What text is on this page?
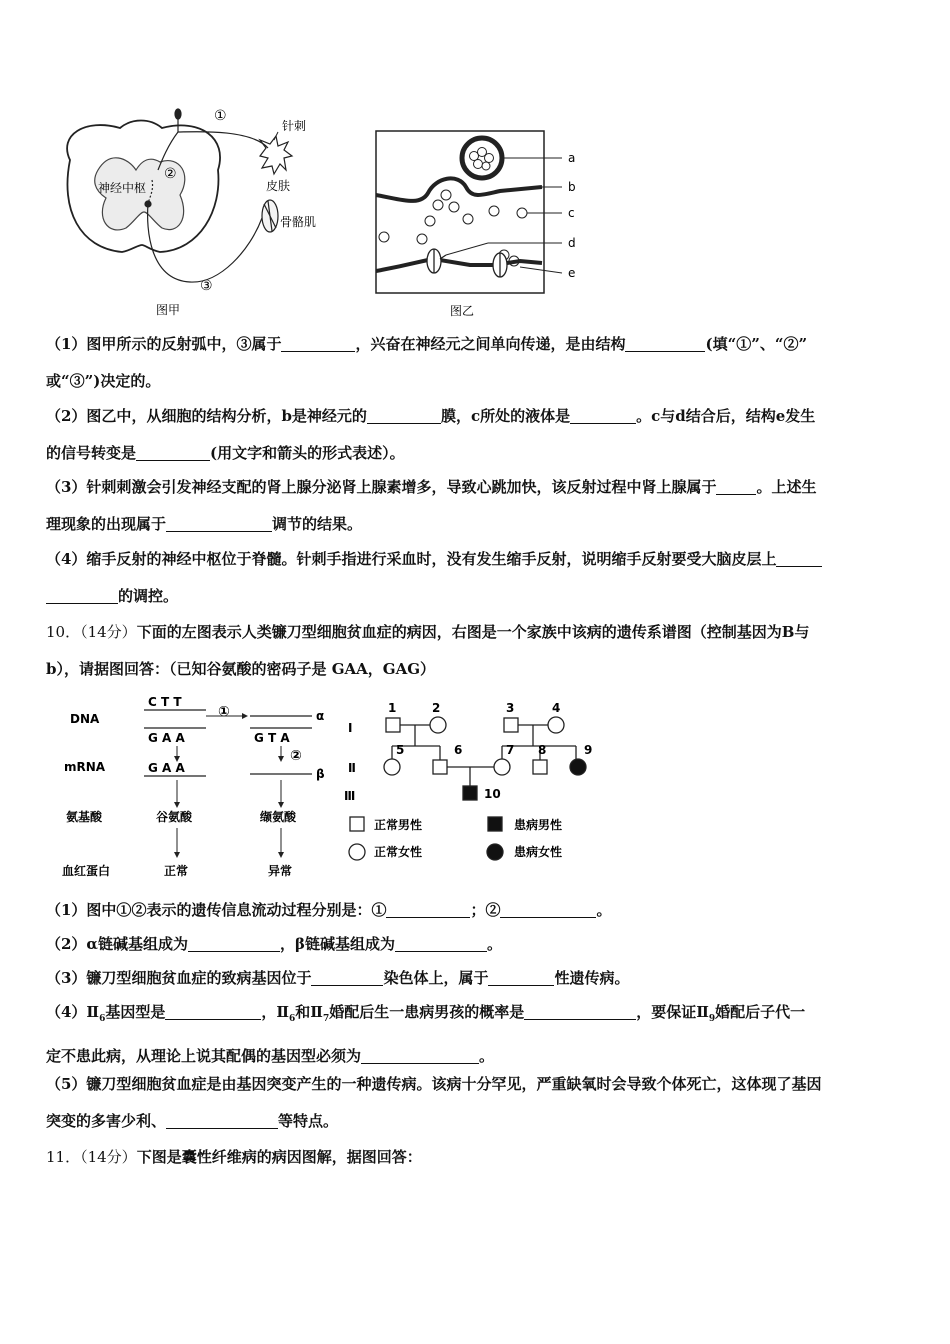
神经中枢
①
②
③
针刺
皮肤
骨骼肌
图甲
a
b
c
d
e
图乙
（1）图甲所示的反射弧中，③属于	，兴奋在神经元之间单向传递，是由结构	(填“①”、“②”
或“③”)决定的。
（2）图乙中，从细胞的结构分析，b是神经元的	膜，c所处的液体是	。c与d结合后，结构e发生
的信号转变是	(用文字和箭头的形式表述）。
（3）针刺刺激会引发神经支配的肾上腺分泌肾上腺素增多，导致心跳加快，该反射过程中肾上腺属于	。上述生
理现象的出现属于	调节的结果。
（4）缩手反射的神经中枢位于脊髓。针刺手指进行采血时，没有发生缩手反射，说明缩手反射要受大脑皮层上
的调控。
10．（14分）下面的左图表示人类镰刀型细胞贫血症的病因，右图是一个家族中该病的遗传系谱图（控制基因为B与
b），请据图回答：（已知谷氨酸的密码子是 GAA，GAG）
DNA
mRNA
氨基酸
血红蛋白
C T T
G A A
G A A
谷氨酸
正常
①	α
G T A
②
β
缬氨酸
异常
Ⅰ
Ⅱ
Ⅲ
1	2	3	4
5	6	7 8	9
10
正常男性	患病男性
正常女性	患病女性
（1）图中①②表示的遗传信息流动过程分别是：①	；②	。
（2）α链碱基组成为	，β链碱基组成为	。
（3）镰刀型细胞贫血症的致病基因位于	染色体上，属于	性遗传病。
$(4)Ⅱ_6$基因型是	，$Ⅱ_6$和$Ⅱ_7$婚配后生一患病男孩的概率是	，要保证$Ⅱ_9$婚配后子代一
定不患此病，从理论上说其配偶的基因型必须为	。
（5）镰刀型细胞贫血症是由基因突变产生的一种遗传病。该病十分罕见，严重缺氧时会导致个体死亡，这体现了基因
突变的多害少利、	等特点。
11．（14分）下图是囊性纤维病的病因图解，据图回答：
